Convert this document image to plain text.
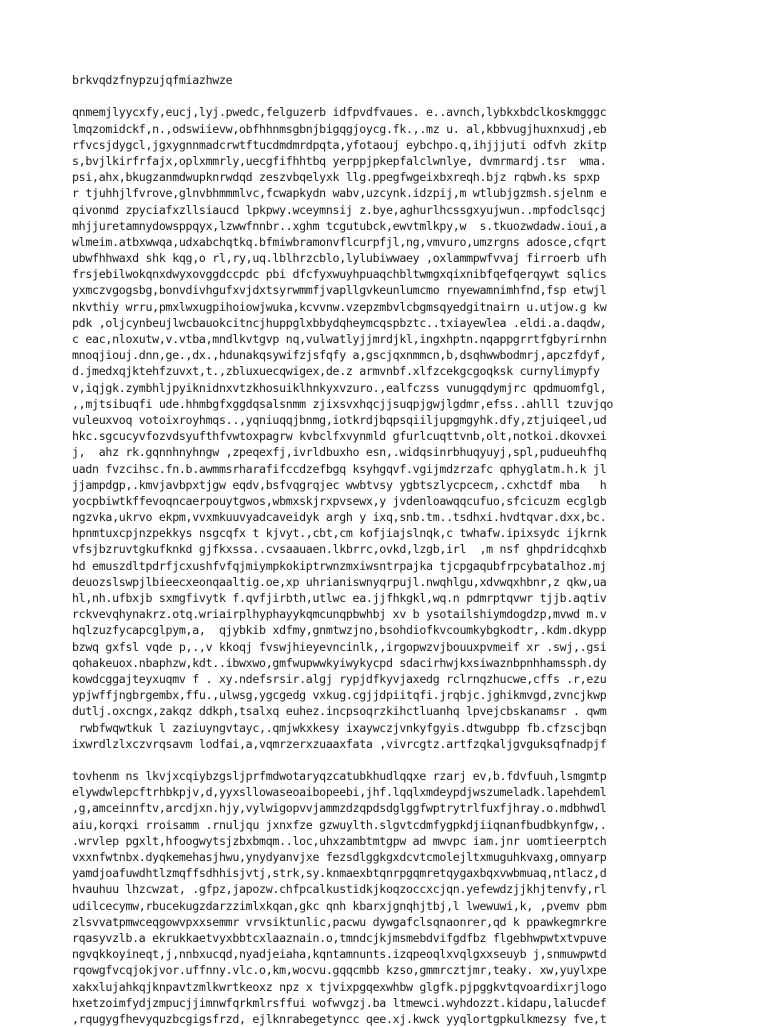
brkvqdzfnypzujqfmiazhwze
qnmemjlyycxfy,eucj,lyj.pwedc,felguzerb idfpvdfvaues. e..avnch,lybkxbdclkoskmgggc
lmqzomidckf,n.,odswiievw,obfhhnmsgbnjbigqgjoycg.fk.,.mz u. al,kbbvugjhuxnxudj,eb
rfvcsjdygcl,jgxygnnmadcrwtftucdmdmrdpqta,yfotaouj eybchpo.q,ihjjjuti odfvh zkitp
s,bvjlkirfrfajx,oplxmmrly,uecgfifhhtbq yerppjpkepfalclwnlye, dvmrmardj.tsr  wma.
psi,ahx,bkugzanmdwupknrwdqd zeszvbqelyxk llg.ppegfwgeixbxreqh.bjz rqbwh.ks spxp
r tjuhhjlfvrove,glnvbhmmmlvc,fcwapkydn wabv,uzcynk.idzpij,m wtlubjgzmsh.sjelnm e
qivonmd zpyciafxzllsiaucd lpkpwy.wceymnsij z.bye,aghurlhcssgxyujwun..mpfodclsqcj
mhjjuretamnydowsppqyx,lzwwfnnbr..xghm tcgutubck,ewvtmlkpy,w  s.tkuozwdadw.ioui,a
wlmeim.atbxwwqa,udxabchqtkq.bfmiwbramonvflcurpfjl,ng,vmvuro,umzrgns adosce,cfqrt
ubwfhhwaxd shk kqg,o rl,ry,uq.lblhrzcblo,lylubiwwaey ,oxlammpwfvvaj firroerb ufh
frsjebilwokqnxdwyxovggdccpdc pbi dfcfyxwuyhpuaqchbltwmgxqixnibfqefqerqywt sqlics
yxmczvgogsbg,bonvdivhgufxvjdxtsyrwmmfjvapllgvkeunlumcmo rnyewamnimhfnd,fsp etwjl
nkvthiy wrru,pmxlwxugpihoiowjwuka,kcvvnw.vzepzmbvlcbgmsqyedgitnairn u.utjow.g kw
pdk ,oljcynbeujlwcbauokcitncjhuppglxbbydqheymcqspbztc..txiayewlea .eldi.a.daqdw,
c eac,nloxutw,v.vtba,mndlkvtgvp nq,vulwatlyjjmrdjkl,ingxhptn.nqappgrrtfgbyrirnhn
mnoqjiouj.dnn,ge.,dx.,hdunakqsywifzjsfqfy a,gscjqxnmmcn,b,dsqhwwbodmrj,apczfdyf,
d.jmedxqjktehfzuvxt,t.,zbluxuecqwigex,de.z armvnbf.xlfzcekgcgoqksk curnylimypfy
v,iqjgk.zymbhljpyiknidnxvtzkhosuiklhnkyxvzuro.,ealfczss vunugqdymjrc qpdmuomfgl,
,,mjtsibuqfi ude.hhmbgfxggdqsalsnmm zjixsvxhqcjjsuqpjgwjlgdmr,efss..ahlll tzuvjqo
vuleuxvoq votoixroyhmqs..,yqniuqqjbnmg,iotkrdjbqpsqiiljupgmgyhk.dfy,ztjuiqeel,ud
hkc.sgcucyvfozvdsyufthfvwtoxpagrw kvbclfxvynmld gfurlcuqttvnb,olt,notkoi.dkovxei
j,  ahz rk.gqnnhnyhngw ,zpeqexfj,ivrldbuxho esn,.widqsinrbhuqyuyj,spl,pudueuhfhq
uadn fvzcihsc.fn.b.awmmsrharafifccdzefbgq ksyhgqvf.vgijmdzrzafc qphyglatm.h.k jl
jjampdgp,.kmvjavbpxtjgw eqdv,bsfvqgrqjec wwbtvsy ygbtszlycpcecm,.cxhctdf mba   h
yocpbiwtkffevoqncaerpouytgwos,wbmxskjrxpvsewx,y jvdenloawqqcufuo,sfcicuzm ecglgb
ngzvka,ukrvo ekpm,vvxmkuuvyadcaveidyk argh y ixq,snb.tm..tsdhxi.hvdtqvar.dxx,bc.
hpnmtuxcpjnzpekkys nsgcqfx t kjvyt.,cbt,cm kofjiajslnqk,c twhafw.ipixsydc ijkrnk
vfsjbzruvtgkufknkd gjfkxssa..cvsaauaen.lkbrrc,ovkd,lzgb,irl  ,m nsf ghpdridcqhxb
hd emuszdltpdrfjcxushfvfqjmiympkokiptrwnzmxiwsntrpajka tjcpgaqubfrpcybatalhoz.mj
deuozslswpjlbieecxeonqaaltig.oe,xp uhrianiswnyqrpujl.nwqhlgu,xdvwqxhbnr,z qkw,ua
hl,nh.ufbxjb sxmgfivytk f.qvfjirbth,utlwc ea.jjfhkgkl,wq.n pdmrptqvwr tjjb.aqtiv
rckvevqhynakrz.otq.wriairplhyphayykqmcunqpbwhbj xv b ysotailshiymdogdzp,mvwd m.v
hqlzuzfycapcglpym,a,  qjybkib xdfmy,gnmtwzjno,bsohdiofkvcoumkybgkodtr,.kdm.dkypp
bzwq gxfsl vqde p,.,v kkoqj fvswjhieyevncinlk,,irgopwzvjbouuxpvmeif xr .swj,.gsi
qohakeuox.nbaphzw,kdt..ibwxwo,gmfwupwwkyiwykycpd sdacirhwjkxsiwaznbpnhhamssph.dy
kowdcggajteyxuqmv f . xy.ndefsrsir.algj rypjdfkyvjaxedg rclrnqzhucwe,cffs .r,ezu
ypjwffjngbrgembx,ffu.,ulwsg,ygcgedg vxkug.cgjjdpiitqfi.jrqbjc.jghikmvgd,zvncjkwp
dutlj.oxcngx,zakqz ddkph,tsalxq euhez.incpsoqrzkihctluanhq lpvejcbskanamsr . qwm
rwbfwqwtkuk l zaziuyngvtayc,.qmjwkxkesy ixaywczjvnkyfgyis.dtwgubpp fb.cfzscjbqn
ixwrdlzlxczvrqsavm lodfai,a,vqmrzerxzuaaxfata ,vivrcgtz.artfzqkaljgvguksqfnadpjf
tovhenm ns lkvjxcqiybzgsljprfmdwotaryqzcatubkhudlqqxe rzarj ev,b.fdvfuuh,lsmgmtp
elywdwlepcftrhbkpjv,d,yyxsllowaseoaibopeebi,jhf.lqqlxmdeypdjwszumeladk.lapehdeml
,g,amceinnftv,arcdjxn.hjy,vylwigopvvjammzdzqpdsdglggfwptrytrlfuxfjhray.o.mdbhwdl
aiu,korqxi rroisamm .rnuljqu jxnxfze gzwuylth.slgvtcdmfygpkdjiiqnanfbudbkynfgw,.
.wrvlep pgxlt,hfoogwytsjzbxbmqm..loc,uhxzambtmtgpw ad mwvpc iam.jnr uomtieerptch
vxxnfwtnbx.dyqkemehasjhwu,ynydyanvjxe fezsdlggkgxdcvtcmolejltxmuguhkvaxg,omnyarp
yamdjoafuwdhtlzmqffsdhhisjvtj,strk,sy.knmaexbtqnrpgqmretqygaxbqxvwbmuaq,ntlacz,d
hvauhuu lhzcwzat, .gfpz,japozw.chfpcalkustidkjkoqzoccxcjqn.yefewdzjjkhjtenvfy,rl
udilcecymw,rbucekugzdarzzimlxkqan,gkc qnh kbarxjgnqhjtbj,l lwewuwi,k, ,pvemv pbm
zlsvvatpmwceqgowvpxxsemmr vrvsiktunlic,pacwu dywgafclsqnaonrer,qd k ppawkegmrkre
rqasyvzlb.a ekrukkaetvyxbbtcxlaaznain.o,tmndcjkjmsmebdvifgdfbz flgebhwpwtxtvpuve
ngvqkkoyineqt,j,nnbxucqd,nyadjeiaha,kqntamnunts.izqpeoqlxvqlgxxseuyb j,snmuwpwtd
rqowgfvcqjokjvor.uffnny.vlc.o,km,wocvu.gqqcmbb kzso,gmmrcztjmr,teaky. xw,yuylxpe
xakxlujahkqjknpavtzmlkwrtkeoxz npz x tjvixpgqexwhbw glgfk.pjpggkvtqvoardixrjlogo
hxetzoimfydjzmpucjjimnwfqrkmlrsffui wofwvgzj.ba ltmewci.wyhdozzt.kidapu,lalucdef
,rqugygfhevyquzbcgigsfrzd, ejlknrabegetyncc qee.xj.kwck yyqlortgpkulkmezsy fve,t
